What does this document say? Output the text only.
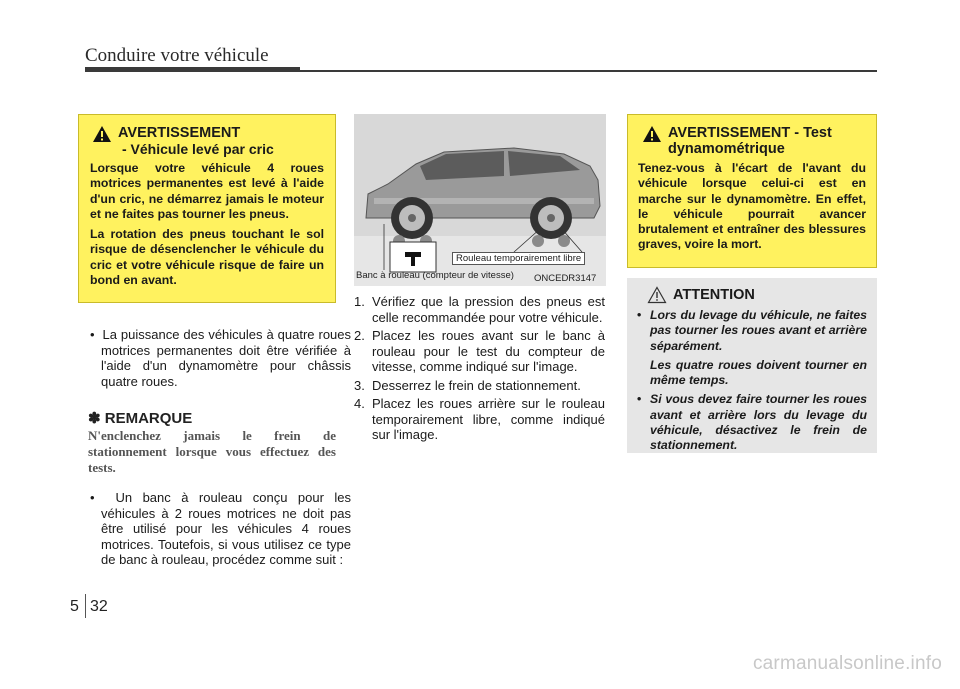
Conduire votre véhicule
AVERTISSEMENT
- Véhicule levé par cric
Lorsque votre véhicule 4 roues motrices permanentes est levé à l'aide d'un cric, ne démarrez jamais le moteur et ne faites pas tourner les pneus.
La rotation des pneus touchant le sol risque de désenclencher le véhicule du cric et votre véhicule risque de faire un bond en avant.
•  La puissance des véhicules à quatre roues motrices permanentes doit être vérifiée à l'aide d'un dynamomètre pour châssis quatre roues.
✽ REMARQUE
N'enclenchez jamais le frein de stationnement lorsque vous effectuez des tests.
•  Un banc à rouleau conçu pour les véhicules à 2 roues motrices ne doit pas être utilisé pour les véhicules 4 roues motrices. Toutefois, si vous utilisez ce type de banc à rouleau, procédez comme suit :
Rouleau temporairement libre
Banc à rouleau (compteur de vitesse) ONCEDR3147
1. Vérifiez que la pression des pneus est celle recommandée pour votre véhicule.
2. Placez les roues avant sur le banc à rouleau pour le test du compteur de vitesse, comme indiqué sur l'image.
3. Desserrez le frein de stationnement.
4. Placez les roues arrière sur le rouleau temporairement libre, comme indiqué sur l'image.
AVERTISSEMENT - Test dynamométrique
Tenez-vous à l'écart de l'avant du véhicule lorsque celui-ci est en marche sur le dynamomètre. En effet, le véhicule pourrait avancer brutalement et entraîner des blessures graves, voire la mort.
ATTENTION
• Lors du levage du véhicule, ne faites pas tourner les roues avant et arrière séparément.
Les quatre roues doivent tourner en même temps.
• Si vous devez faire tourner les roues avant et arrière lors du levage du véhicule, désactivez le frein de stationnement.
5 32
carmanualsonline.info
